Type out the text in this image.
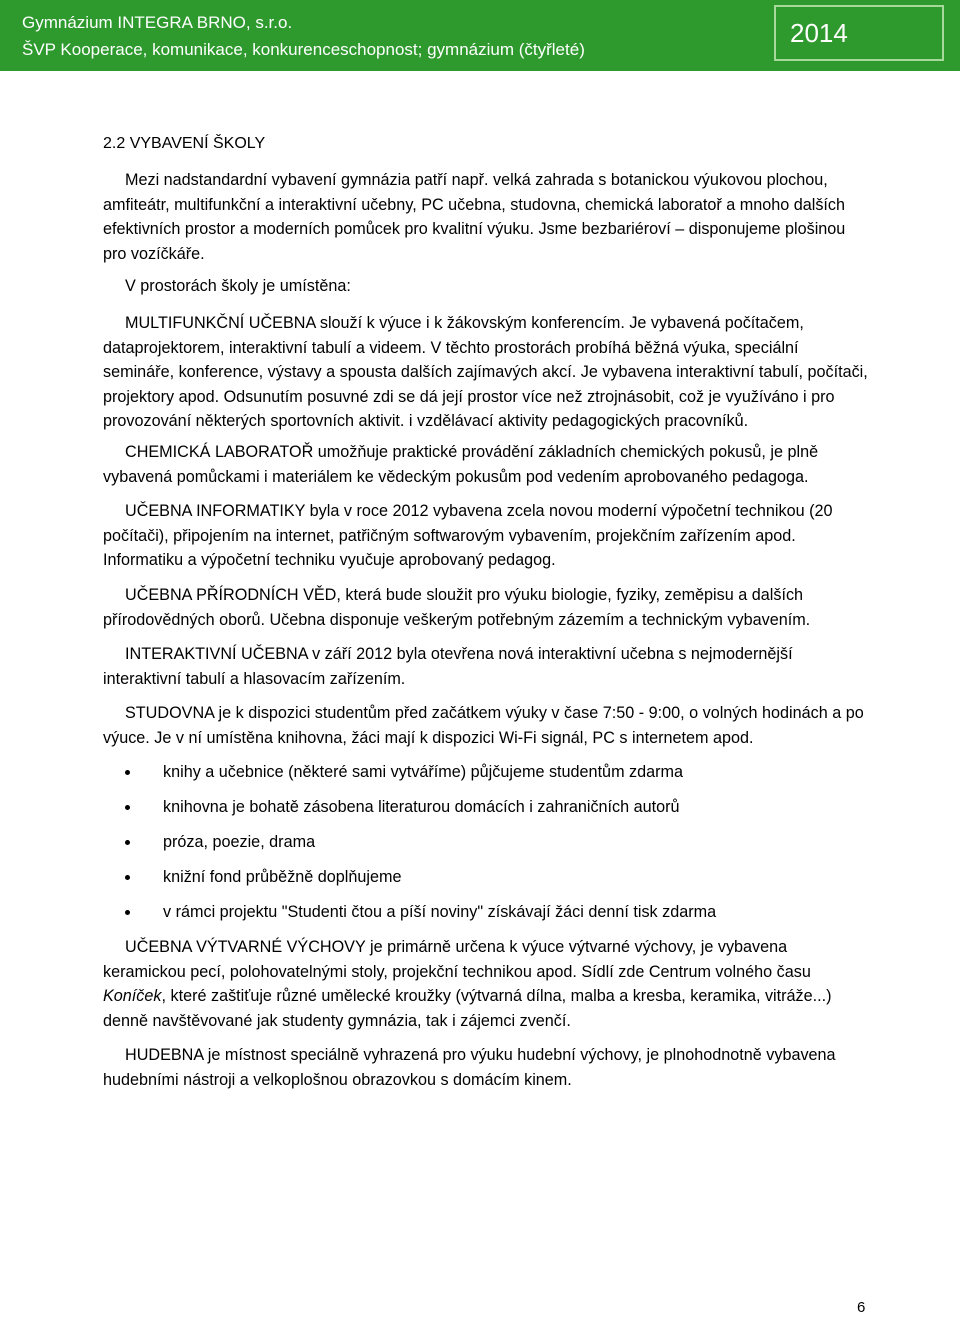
Gymnázium INTEGRA BRNO, s.r.o.
ŠVP Kooperace, komunikace, konkurenceschopnost; gymnázium (čtyřleté)
2014
2.2 VYBAVENÍ ŠKOLY

Mezi nadstandardní vybavení gymnázia patří např. velká zahrada s botanickou výukovou plochou, amfiteátr, multifunkční a interaktivní učebny, PC učebna, studovna, chemická laboratoř a mnoho dalších efektivních prostor a moderních pomůcek pro kvalitní výuku. Jsme bezbariéroví – disponujeme plošinou pro vozíčkáře.

V prostorách školy je umístěna:

MULTIFUNKČNÍ UČEBNA slouží k výuce i k žákovským konferencím. Je vybavená počítačem, dataprojektorem, interaktivní tabulí a videem. V těchto prostorách probíhá běžná výuka, speciální semináře, konference, výstavy a spousta dalších zajímavých akcí. Je vybavena interaktivní tabulí, počítači, projektory apod. Odsunutím posuvné zdi se dá její prostor více než ztrojnásobit, což je využíváno i pro provozování některých sportovních aktivit. i vzdělávací aktivity pedagogických pracovníků.

CHEMICKÁ LABORATOŘ umožňuje praktické provádění základních chemických pokusů, je plně vybavená pomůckami i materiálem ke vědeckým pokusům pod vedením aprobovaného pedagoga.

UČEBNA INFORMATIKY byla v roce 2012 vybavena zcela novou moderní výpočetní technikou (20 počítači), připojením na internet, patřičným softwarovým vybavením, projekčním zařízením apod. Informatiku a výpočetní techniku vyučuje aprobovaný pedagog.

UČEBNA PŘÍRODNÍCH VĚD, která bude sloužit pro výuku biologie, fyziky, zeměpisu a dalších přírodovědných oborů. Učebna disponuje veškerým potřebným zázemím a technickým vybavením.

INTERAKTIVNÍ UČEBNA v září 2012 byla otevřena nová interaktivní učebna s nejmodernější interaktivní tabulí a hlasovacím zařízením.

STUDOVNA je k dispozici studentům před začátkem výuky v čase 7:50 - 9:00, o volných hodinách a po výuce. Je v ní umístěna knihovna, žáci mají k dispozici Wi-Fi signál, PC s internetem apod.

knihy a učebnice (některé sami vytváříme) půjčujeme studentům zdarma
knihovna je bohatě zásobena literaturou domácích i zahraničních autorů
próza, poezie, drama
knižní fond průběžně doplňujeme
v rámci projektu "Studenti čtou a píší noviny" získávají žáci denní tisk zdarma

UČEBNA VÝTVARNÉ VÝCHOVY je primárně určena k výuce výtvarné výchovy, je vybavena keramickou pecí, polohovatelnými stoly, projekční technikou apod. Sídlí zde Centrum volného času Koníček, které zaštiťuje různé umělecké kroužky (výtvarná dílna, malba a kresba, keramika, vitráže...) denně navštěvované jak studenty gymnázia, tak i zájemci zvenčí.

HUDEBNA je místnost speciálně vyhrazená pro výuku hudební výchovy, je plnohodnotně vybavena hudebními nástroji a velkoplošnou obrazovkou s domácím kinem.

6
